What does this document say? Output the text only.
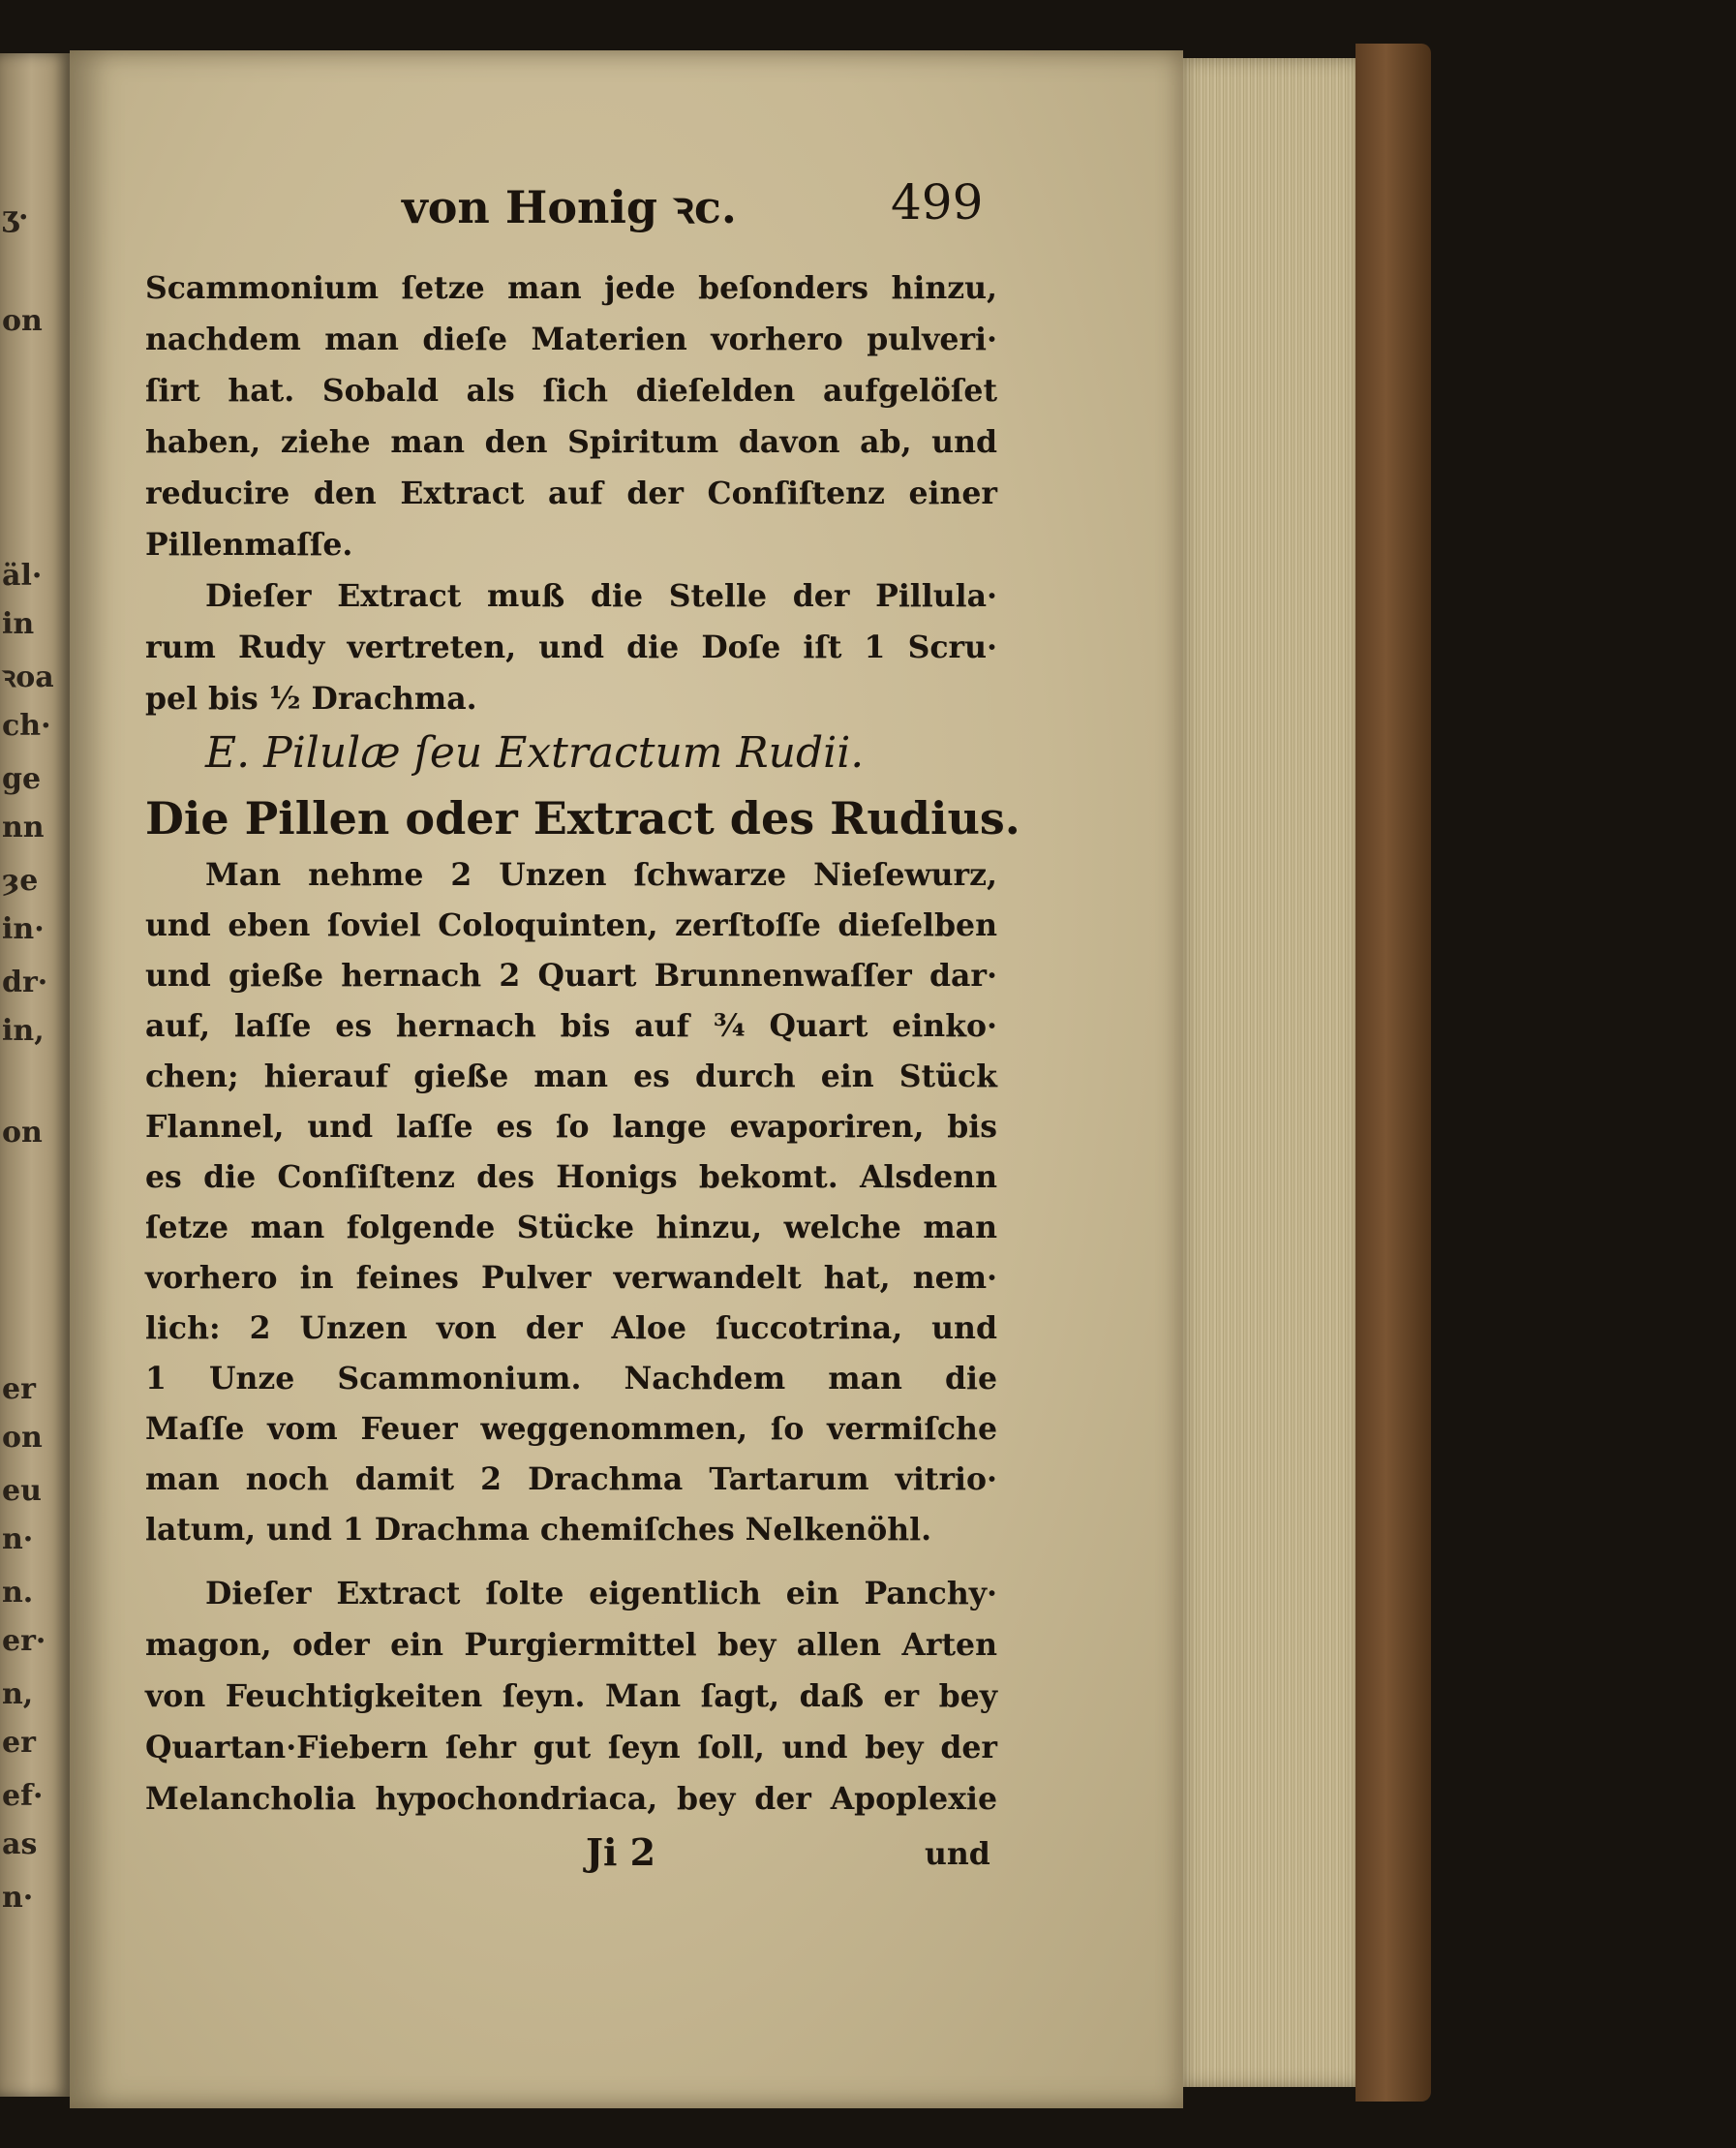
ʒ·
on
äl·
in
ꝛoa
ch·
ge
nn
ȝe
in·
dr·
in,
on
er
on
eu
n·
n.
er·
n,
er
ef·
as
n·
von Honig ꝛc.	499
Scammonium ſetze man jede beſonders hinzu,
nachdem man dieſe Materien vorhero pulveri·
ſirt hat. Sobald als ſich dieſelden aufgelöſet
haben, ziehe man den Spiritum davon ab, und
reducire den Extract auf der Conſiſtenz einer
Pillenmaſſe.
Dieſer Extract muß die Stelle der Pillula·
rum Rudy vertreten, und die Doſe iſt 1 Scru·
pel bis ½ Drachma.
E. Pilulæ ſeu Extractum Rudii.
Die Pillen oder Extract des Rudius.
Man nehme 2 Unzen ſchwarze Nieſewurz,
und eben ſoviel Coloquinten, zerſtoſſe dieſelben
und gieße hernach 2 Quart Brunnenwaſſer dar·
auf, laſſe es hernach bis auf ¾ Quart einko·
chen; hierauf gieße man es durch ein Stück
Flannel, und laſſe es ſo lange evaporiren, bis
es die Conſiſtenz des Honigs bekomt. Alsdenn
ſetze man folgende Stücke hinzu, welche man
vorhero in feines Pulver verwandelt hat, nem·
lich: 2 Unzen von der Aloe ſuccotrina, und
1 Unze Scammonium. Nachdem man die
Maſſe vom Feuer weggenommen, ſo vermiſche
man noch damit 2 Drachma Tartarum vitrio·
latum, und 1 Drachma chemiſches Nelkenöhl.
Dieſer Extract ſolte eigentlich ein Panchy·
magon, oder ein Purgiermittel bey allen Arten
von Feuchtigkeiten ſeyn. Man ſagt, daß er bey
Quartan·Fiebern ſehr gut ſeyn ſoll, und bey der
Melancholia hypochondriaca, bey der Apoplexie
Ji 2	und
